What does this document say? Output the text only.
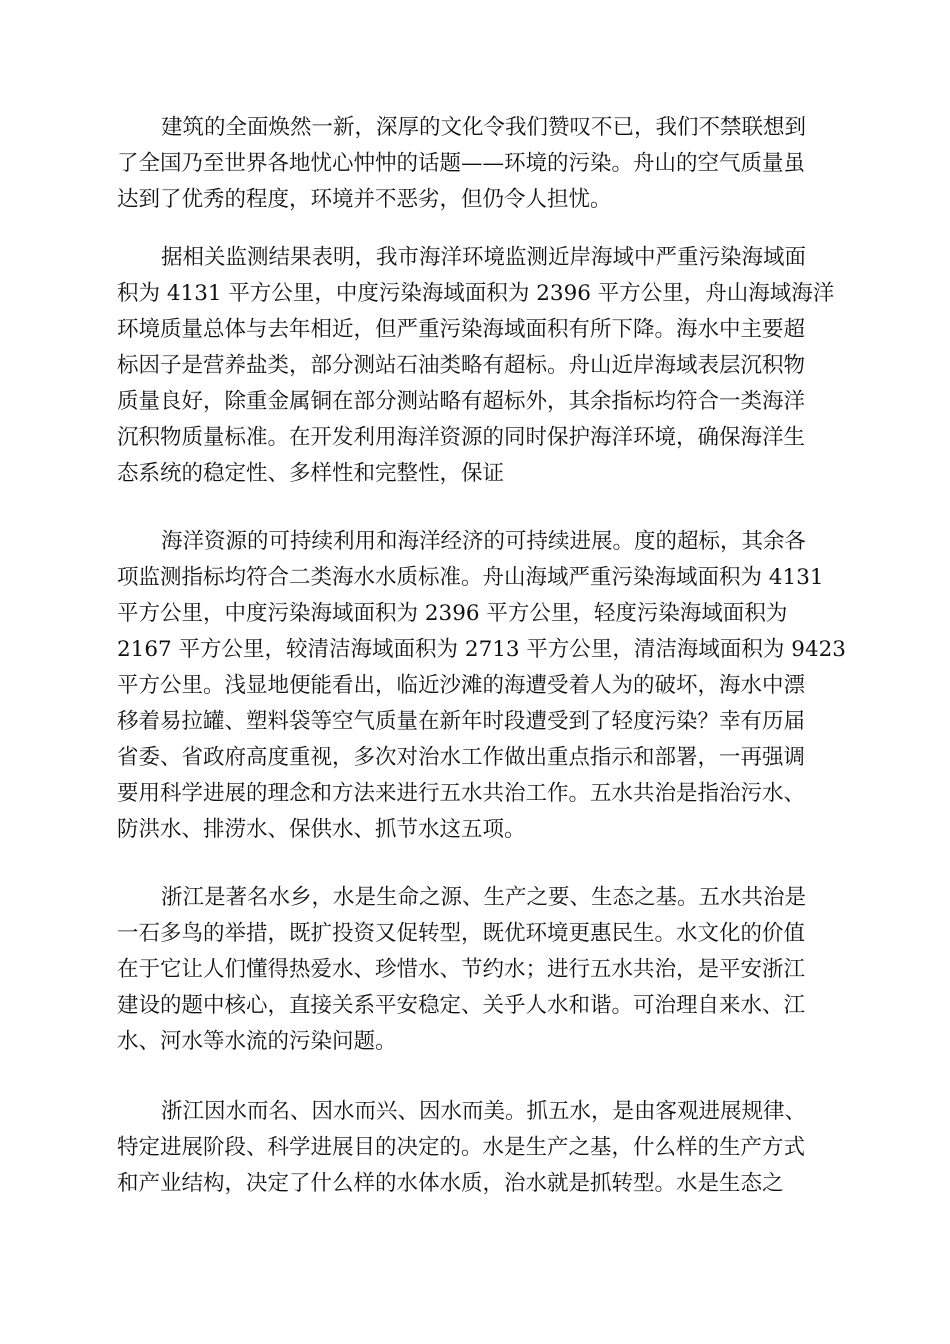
建筑的全面焕然一新，深厚的文化令我们赞叹不已，我们不禁联想到
了全国乃至世界各地忧心忡忡的话题——环境的污染。舟山的空气质量虽
达到了优秀的程度，环境并不恶劣，但仍令人担忧。
据相关监测结果表明，我市海洋环境监测近岸海域中严重污染海域面
积为 4131 平方公里，中度污染海域面积为 2396 平方公里，舟山海域海洋
环境质量总体与去年相近，但严重污染海域面积有所下降。海水中主要超
标因子是营养盐类，部分测站石油类略有超标。舟山近岸海域表层沉积物
质量良好，除重金属铜在部分测站略有超标外，其余指标均符合一类海洋
沉积物质量标准。在开发利用海洋资源的同时保护海洋环境，确保海洋生
态系统的稳定性、多样性和完整性，保证
海洋资源的可持续利用和海洋经济的可持续进展。度的超标，其余各
项监测指标均符合二类海水水质标准。舟山海域严重污染海域面积为 4131
平方公里，中度污染海域面积为 2396 平方公里，轻度污染海域面积为
2167 平方公里，较清洁海域面积为 2713 平方公里，清洁海域面积为 9423
平方公里。浅显地便能看出，临近沙滩的海遭受着人为的破坏，海水中漂
移着易拉罐、塑料袋等空气质量在新年时段遭受到了轻度污染？幸有历届
省委、省政府高度重视，多次对治水工作做出重点指示和部署，一再强调
要用科学进展的理念和方法来进行五水共治工作。五水共治是指治污水、
防洪水、排涝水、保供水、抓节水这五项。
浙江是著名水乡，水是生命之源、生产之要、生态之基。五水共治是
一石多鸟的举措，既扩投资又促转型，既优环境更惠民生。水文化的价值
在于它让人们懂得热爱水、珍惜水、节约水；进行五水共治，是平安浙江
建设的题中核心，直接关系平安稳定、关乎人水和谐。可治理自来水、江
水、河水等水流的污染问题。
浙江因水而名、因水而兴、因水而美。抓五水，是由客观进展规律、
特定进展阶段、科学进展目的决定的。水是生产之基，什么样的生产方式
和产业结构，决定了什么样的水体水质，治水就是抓转型。水是生态之
